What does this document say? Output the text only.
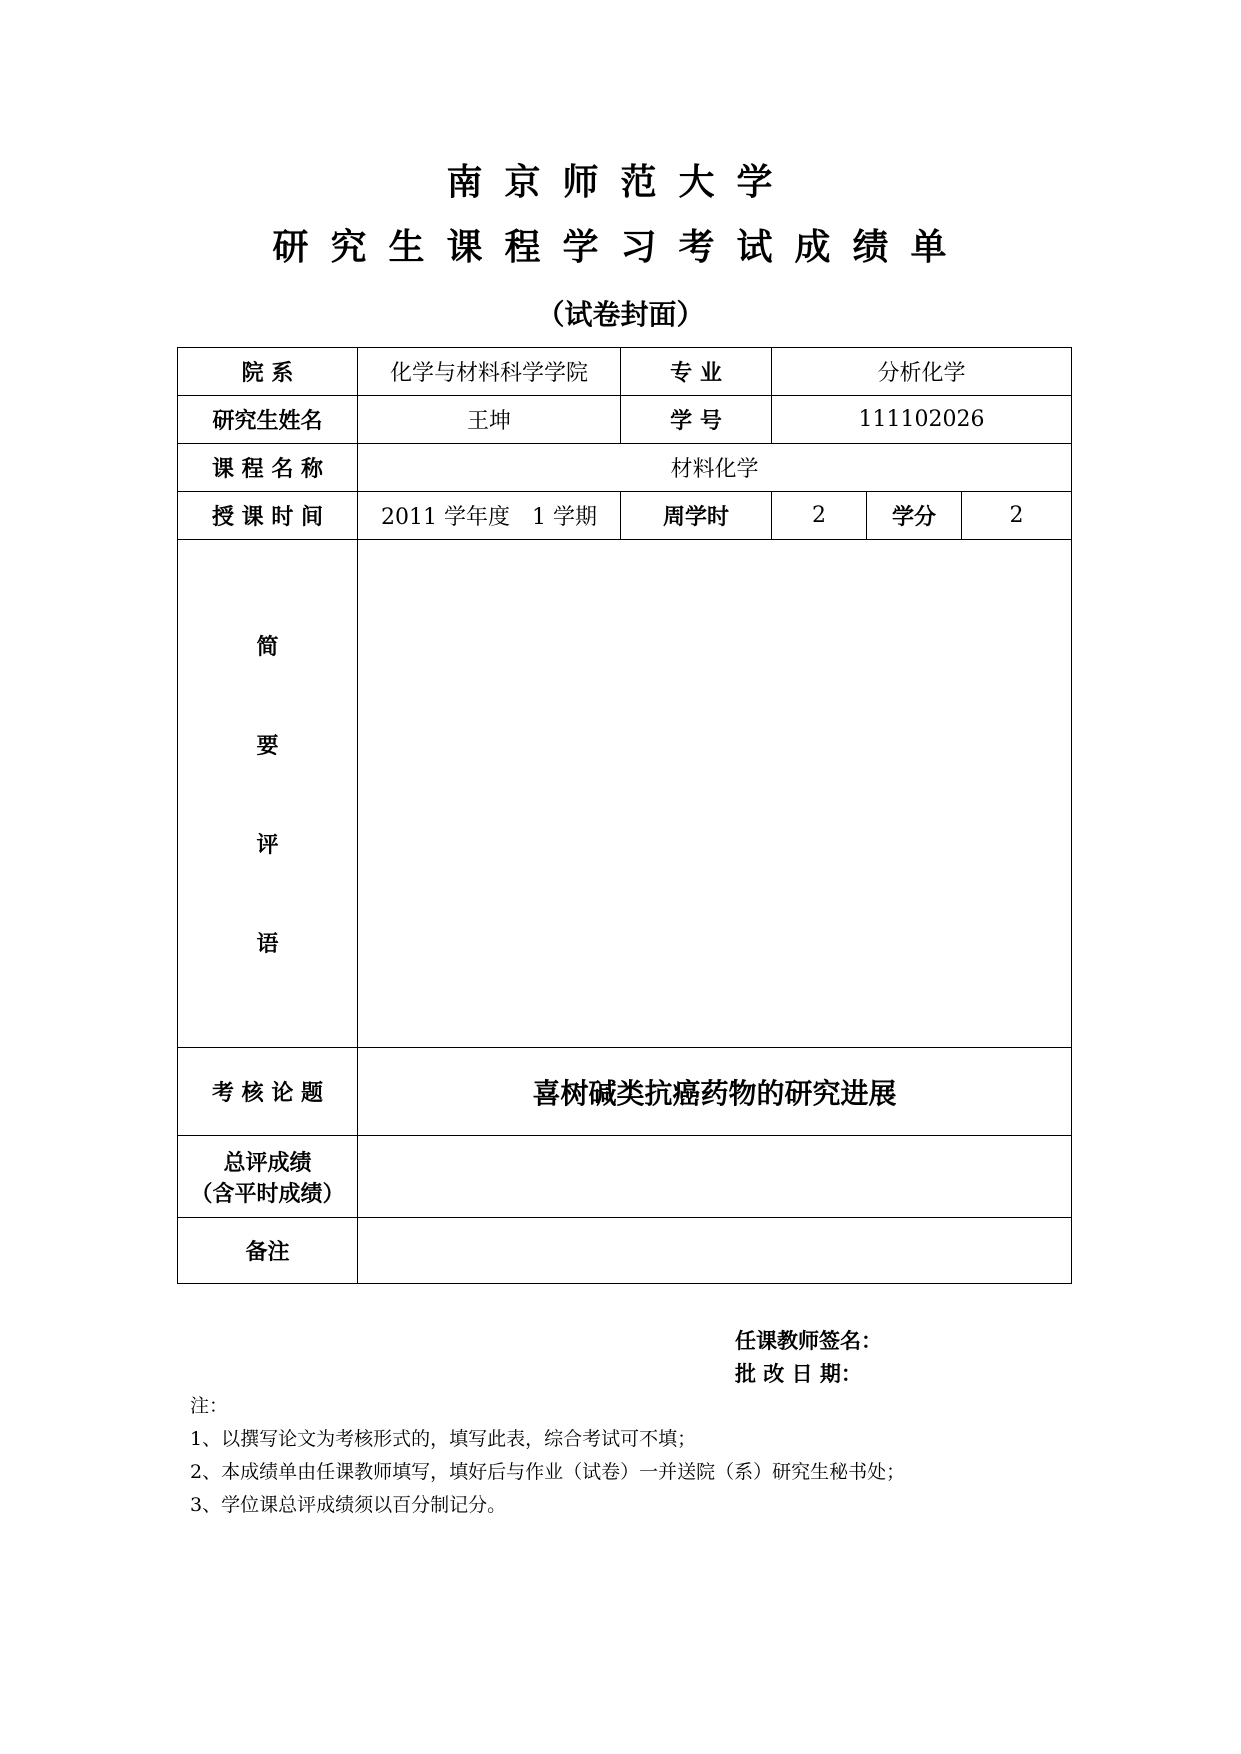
南京师范大学
研究生课程学习考试成绩单
（试卷封面）
院 系	化学与材料科学学院	专 业	分析化学		
研究生姓名	王坤	学 号	111102026		
课 程 名 称	材料化学				
授 课 时 间	2011 学年度　1 学期	周学时	2	学分	2

简
要
评
语					

考 核 论 题	喜树碱类抗癌药物的研究进展				

总评成绩
（含平时成绩）					

备注					
任课教师签名：
批 改 日 期：
注：
1、以撰写论文为考核形式的，填写此表，综合考试可不填；
2、本成绩单由任课教师填写，填好后与作业（试卷）一并送院（系）研究生秘书处；
3、学位课总评成绩须以百分制记分。
